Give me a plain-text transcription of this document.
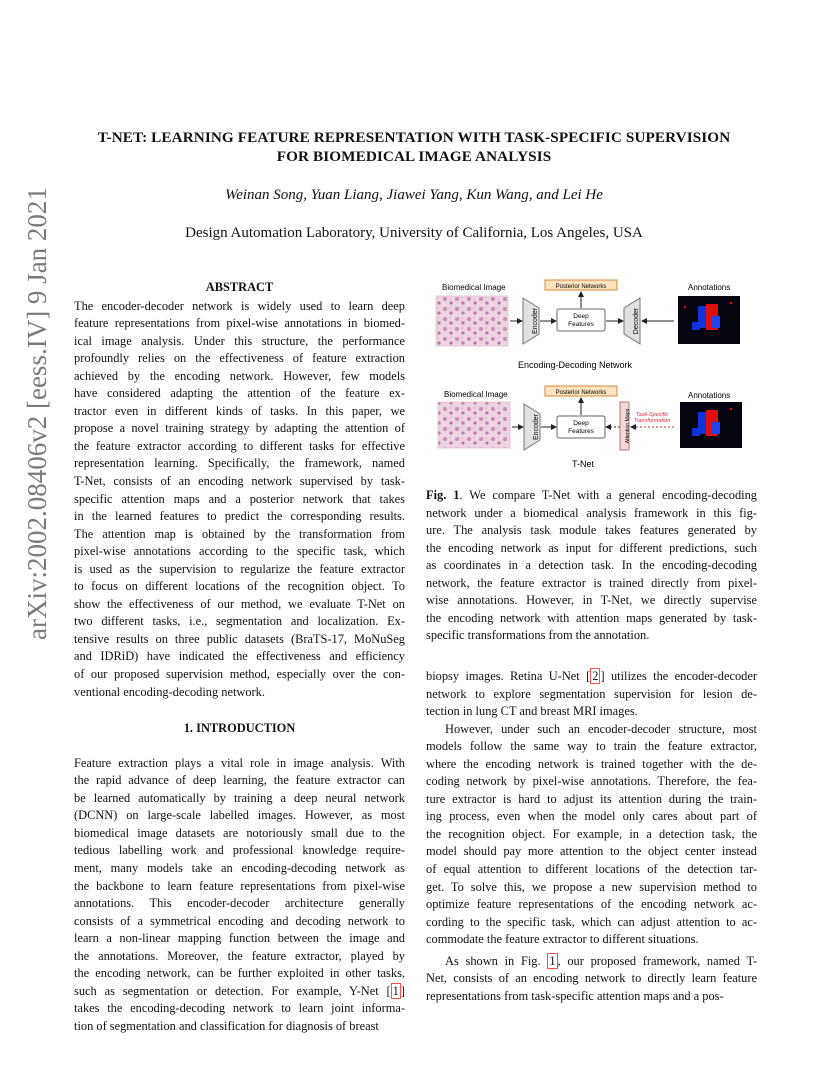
arXiv:2002.08406v2 [eess.IV] 9 Jan 2021
T-NET: LEARNING FEATURE REPRESENTATION WITH TASK-SPECIFIC SUPERVISION
FOR BIOMEDICAL IMAGE ANALYSIS
Weinan Song, Yuan Liang, Jiawei Yang, Kun Wang, and Lei He
Design Automation Laboratory, University of California, Los Angeles, USA
ABSTRACT
The encoder-decoder network is widely used to learn deep
feature representations from pixel-wise annotations in biomed-
ical image analysis. Under this structure, the performance
profoundly relies on the effectiveness of feature extraction
achieved by the encoding network. However, few models
have considered adapting the attention of the feature ex-
tractor even in different kinds of tasks. In this paper, we
propose a novel training strategy by adapting the attention of
the feature extractor according to different tasks for effective
representation learning. Specifically, the framework, named
T-Net, consists of an encoding network supervised by task-
specific attention maps and a posterior network that takes
in the learned features to predict the corresponding results.
The attention map is obtained by the transformation from
pixel-wise annotations according to the specific task, which
is used as the supervision to regularize the feature extractor
to focus on different locations of the recognition object. To
show the effectiveness of our method, we evaluate T-Net on
two different tasks, i.e., segmentation and localization. Ex-
tensive results on three public datasets (BraTS-17, MoNuSeg
and IDRiD) have indicated the effectiveness and efficiency
of our proposed supervision method, especially over the con-
ventional encoding-decoding network.
1. INTRODUCTION
Feature extraction plays a vital role in image analysis. With
the rapid advance of deep learning, the feature extractor can
be learned automatically by training a deep neural network
(DCNN) on large-scale labelled images. However, as most
biomedical image datasets are notoriously small due to the
tedious labelling work and professional knowledge require-
ment, many models take an encoding-decoding network as
the backbone to learn feature representations from pixel-wise
annotations. This encoder-decoder architecture generally
consists of a symmetrical encoding and decoding network to
learn a non-linear mapping function between the image and
the annotations. Moreover, the feature extractor, played by
the encoding network, can be further exploited in other tasks,
such as segmentation or detection. For example, Y-Net [ 1 ]
takes the encoding-decoding network to learn joint informa-
tion of segmentation and classification for diagnosis of breast
Biomedical Image
Encoder	Deep
Features
Posterior Networks
Decoder
Annotations
Encoding-Decoding Network
Biomedical Image
Encoder	Deep
Features
Posterior Networks
Attention Maps Task-Specific
Transformation
Annotations
T-Net
Fig. 1. We compare T-Net with a general encoding-decoding
network under a biomedical analysis framework in this fig-
ure. The analysis task module takes features generated by
the encoding network as input for different predictions, such
as coordinates in a detection task. In the encoding-decoding
network, the feature extractor is trained directly from pixel-
wise annotations. However, in T-Net, we directly supervise
the encoding network with attention maps generated by task-
specific transformations from the annotation.
biopsy images. Retina U-Net [ 2 ] utilizes the encoder-decoder
network to explore segmentation supervision for lesion de-
tection in lung CT and breast MRI images.
However, under such an encoder-decoder structure, most
models follow the same way to train the feature extractor,
where the encoding network is trained together with the de-
coding network by pixel-wise annotations. Therefore, the fea-
ture extractor is hard to adjust its attention during the train-
ing process, even when the model only cares about part of
the recognition object. For example, in a detection task, the
model should pay more attention to the object center instead
of equal attention to different locations of the detection tar-
get. To solve this, we propose a new supervision method to
optimize feature representations of the encoding network ac-
cording to the specific task, which can adjust attention to ac-
commodate the feature extractor to different situations.
As shown in Fig. 1 , our proposed framework, named T-
Net, consists of an encoding network to directly learn feature
representations from task-specific attention maps and a pos-
